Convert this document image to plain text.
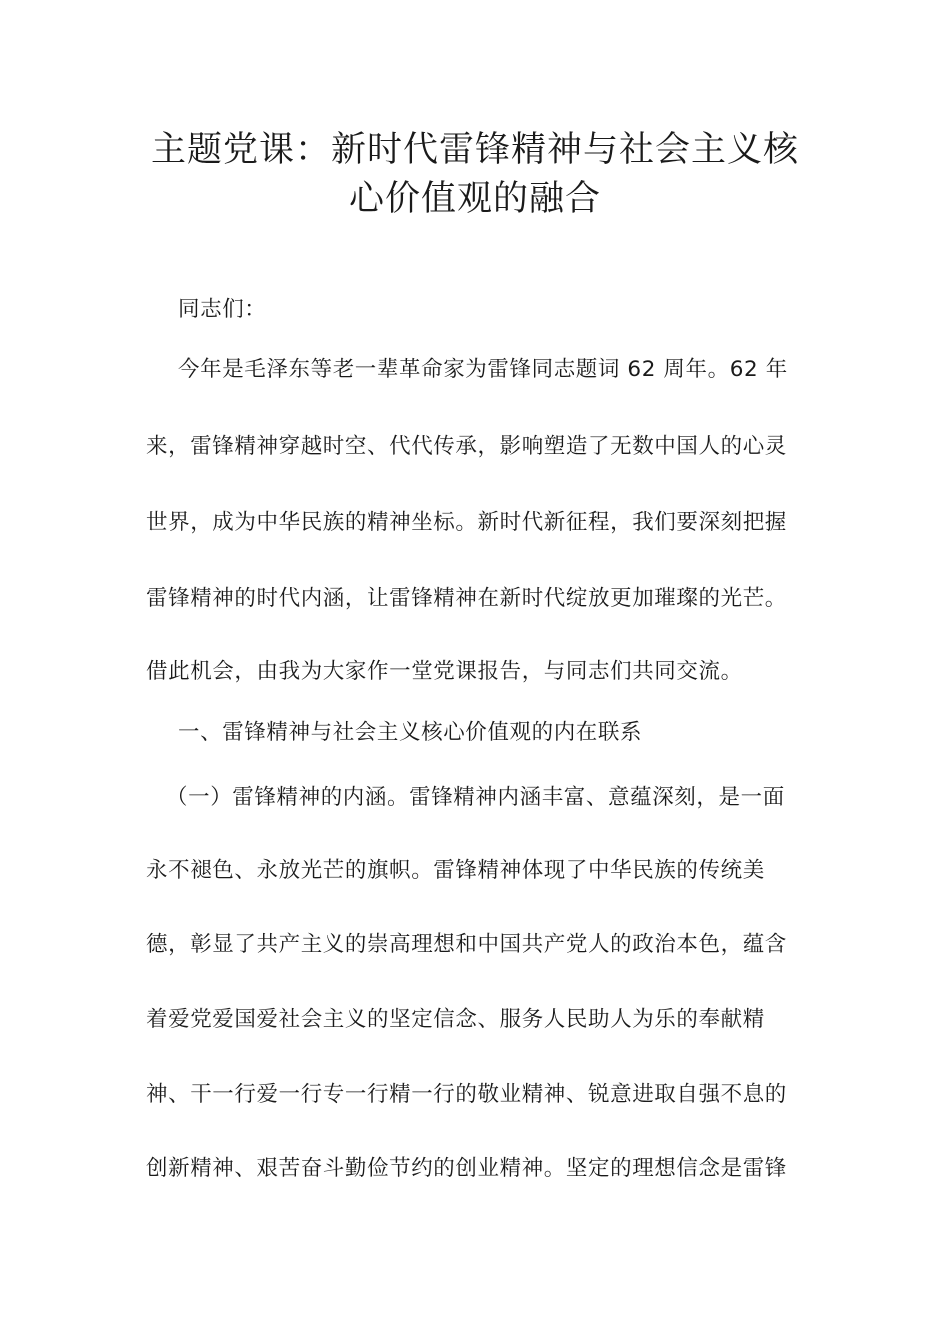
主题党课：新时代雷锋精神与社会主义核
心价值观的融合
同志们：
今年是毛泽东等老一辈革命家为雷锋同志题词 62 周年。62 年
来，雷锋精神穿越时空、代代传承，影响塑造了无数中国人的心灵
世界，成为中华民族的精神坐标。新时代新征程，我们要深刻把握
雷锋精神的时代内涵，让雷锋精神在新时代绽放更加璀璨的光芒。
借此机会，由我为大家作一堂党课报告，与同志们共同交流。
一、雷锋精神与社会主义核心价值观的内在联系
（一）雷锋精神的内涵。雷锋精神内涵丰富、意蕴深刻，是一面
永不褪色、永放光芒的旗帜。雷锋精神体现了中华民族的传统美
德，彰显了共产主义的崇高理想和中国共产党人的政治本色，蕴含
着爱党爱国爱社会主义的坚定信念、服务人民助人为乐的奉献精
神、干一行爱一行专一行精一行的敬业精神、锐意进取自强不息的
创新精神、艰苦奋斗勤俭节约的创业精神。坚定的理想信念是雷锋
